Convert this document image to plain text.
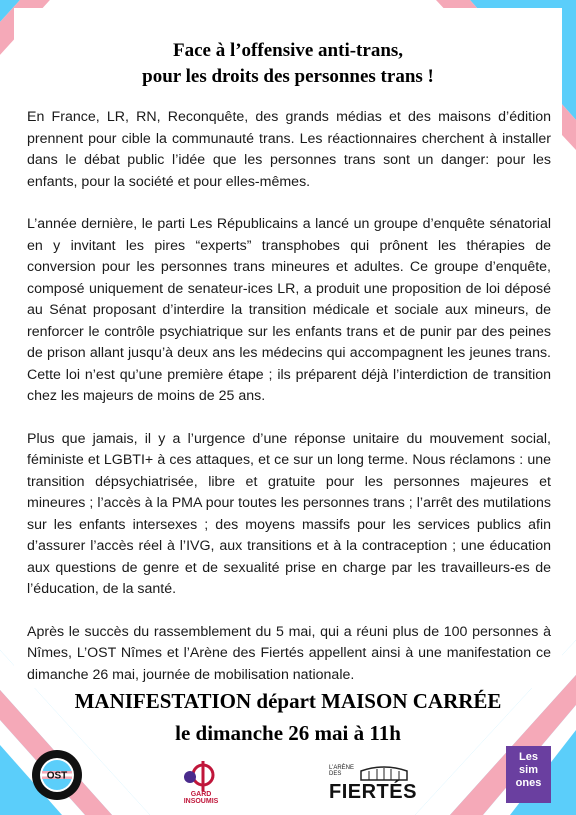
Face à l’offensive anti-trans,
pour les droits des personnes trans !

En France, LR, RN, Reconquête, des grands médias et des maisons d’édition prennent pour cible la communauté trans. Les réactionnaires cherchent à installer dans le débat public l’idée que les personnes trans sont un danger: pour les enfants, pour la société et pour elles-mêmes.

L’année dernière, le parti Les Républicains a lancé un groupe d’enquête sénatorial en y invitant les pires “experts” transphobes qui prônent les thérapies de conversion pour les personnes trans mineures et adultes. Ce groupe d’enquête, composé uniquement de senateur-ices LR, a produit une proposition de loi déposé au Sénat proposant d’interdire la transition médicale et sociale aux mineurs, de renforcer le contrôle psychiatrique sur les enfants trans et de punir par des peines de prison allant jusqu’à deux ans les médecins qui accompagnent les jeunes trans. Cette loi n’est qu’une première étape ; ils préparent déjà l’interdiction de transition chez les majeurs de moins de 25 ans.

Plus que jamais, il y a l’urgence d’une réponse unitaire du mouvement social, féministe et LGBTI+ à ces attaques, et ce sur un long terme. Nous réclamons : une transition dépsychiatrisée, libre et gratuite pour les personnes majeures et mineures ; l’accès à la PMA pour toutes les personnes trans ; l’arrêt des mutilations sur les enfants intersexes ; des moyens massifs pour les services publics afin d’assurer l’accès réel à l’IVG, aux transitions et à la contraception ; une éducation aux questions de genre et de sexualité prise en charge par les travailleurs-es de l’éducation, de la santé.

Après le succès du rassemblement du 5 mai, qui a réuni plus de 100 personnes à Nîmes, L’OST Nîmes et l’Arène des Fiertés appellent ainsi à une manifestation ce dimanche 26 mai, journée de mobilisation nationale.

MANIFESTATION départ MAISON CARRÉE
le dimanche 26 mai à 11h
OST
GARD
INSOUMIS
L’ARÈNE DES
FIERTÉS
Les
sim
ones
